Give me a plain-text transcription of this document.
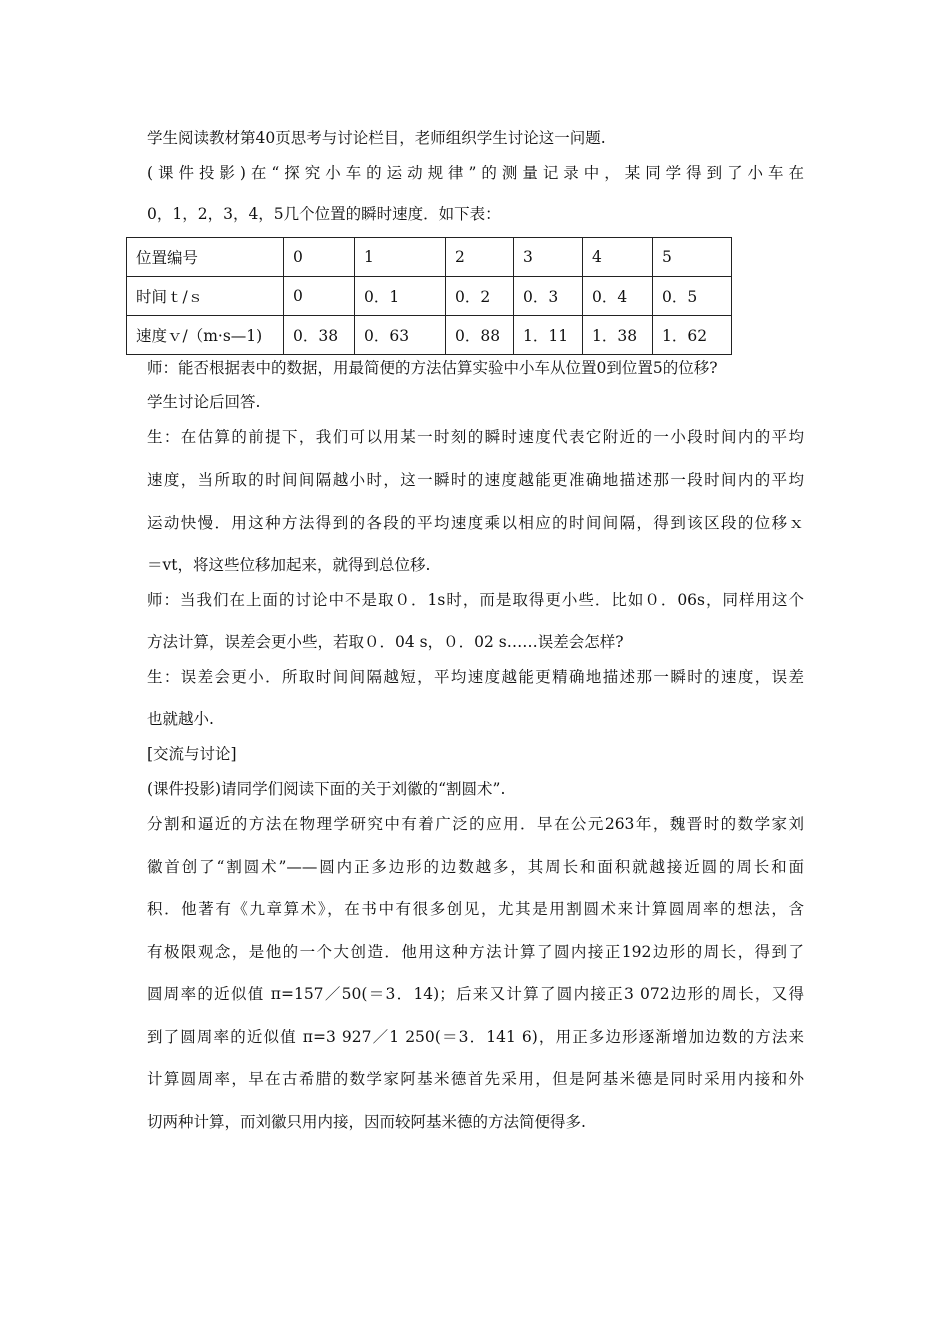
学生阅读教材第40页思考与讨论栏目，老师组织学生讨论这一问题.
(课件投影)在“探究小车的运动规律”的测量记录中，某同学得到了小车在
0，1，2，3，4，5几个位置的瞬时速度．如下表：
位置编号	0	1	2	3	4	5
时间ｔ/ｓ	0	0．1	0．2	0．3	0．4	0．5
速度ｖ/（m·s—1)	0．38	0．63	0．88	1．11	1．38	1．62
师：能否根据表中的数据，用最简便的方法估算实验中小车从位置0到位置5的位移?
学生讨论后回答.
生：在估算的前提下，我们可以用某一时刻的瞬时速度代表它附近的一小段时间内的平均
速度，当所取的时间间隔越小时，这一瞬时的速度越能更准确地描述那一段时间内的平均
运动快慢．用这种方法得到的各段的平均速度乘以相应的时间间隔，得到该区段的位移ｘ
＝vt，将这些位移加起来，就得到总位移.
师：当我们在上面的讨论中不是取０．1s时，而是取得更小些．比如０．06s，同样用这个
方法计算，误差会更小些，若取０．04 s，０．02 s……误差会怎样?
生：误差会更小．所取时间间隔越短，平均速度越能更精确地描述那一瞬时的速度，误差
也就越小.
[交流与讨论]
(课件投影)请同学们阅读下面的关于刘徽的“割圆术”.
分割和逼近的方法在物理学研究中有着广泛的应用．早在公元263年，魏晋时的数学家刘
徽首创了“割圆术”——圆内正多边形的边数越多，其周长和面积就越接近圆的周长和面
积．他著有《九章算术》，在书中有很多创见，尤其是用割圆术来计算圆周率的想法，含
有极限观念，是他的一个大创造．他用这种方法计算了圆内接正192边形的周长，得到了
圆周率的近似值 π=157／50(＝3．14)；后来又计算了圆内接正3 072边形的周长，又得
到了圆周率的近似值 π=3 927／1 250(＝3．141 6)，用正多边形逐渐增加边数的方法来
计算圆周率，早在古希腊的数学家阿基米德首先采用，但是阿基米德是同时采用内接和外
切两种计算，而刘徽只用内接，因而较阿基米德的方法简便得多.
